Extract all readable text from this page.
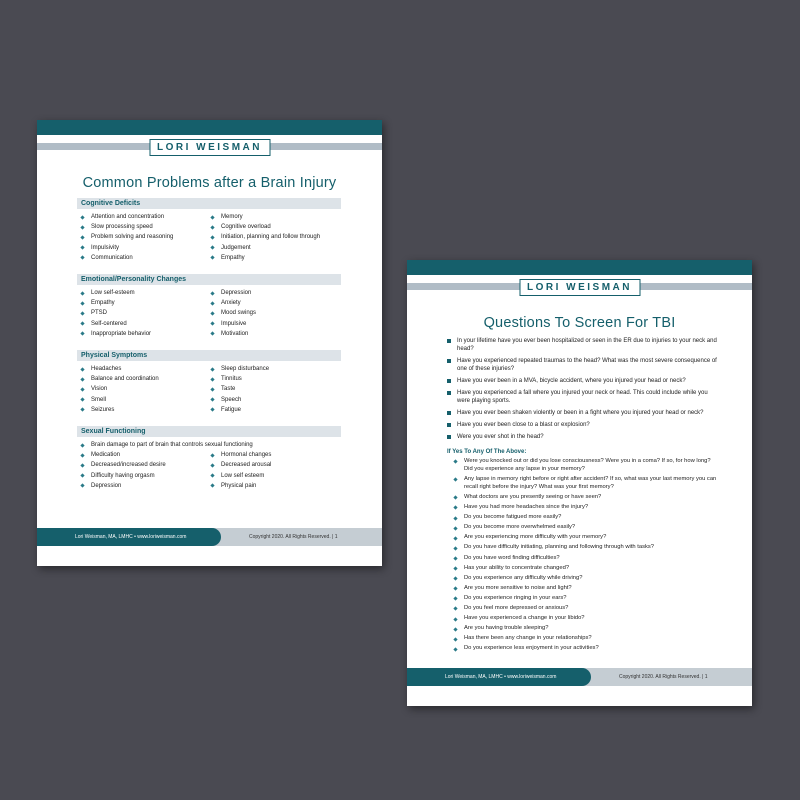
LORI WEISMAN
Common Problems after a Brain Injury
Cognitive Deficits
Attention and concentration
Slow processing speed
Problem solving and reasoning
Impulsivity
Communication
Memory
Cognitive overload
Initiation, planning and follow through
Judgement
Empathy
Emotional/Personality Changes
Low self-esteem
Empathy
PTSD
Self-centered
Inappropriate behavior
Depression
Anxiety
Mood swings
Impulsive
Motivation
Physical Symptoms
Headaches
Balance and coordination
Vision
Smell
Seizures
Sleep disturbance
Tinnitus
Taste
Speech
Fatigue
Sexual Functioning
Brain damage to part of brain that controls sexual functioning
Medication
Decreased/increased desire
Difficulty having orgasm
Depression
Hormonal changes
Decreased arousal
Low self esteem
Physical pain
Lori Weisman, MA, LMHC • www.loriweisman.com	Copyright 2020. All Rights Reserved. | 1
LORI WEISMAN
Questions To Screen For TBI
In your lifetime have you ever been hospitalized or seen in the ER due to injuries to your neck and head?
Have you experienced repeated traumas to the head? What was the most severe consequence of one of these injuries?
Have you ever been in a MVA, bicycle accident, where you injured your head or neck?
Have you experienced a fall where you injured your neck or head. This could include while you were playing sports.
Have you ever been shaken violently or been in a fight where you injured your head or neck?
Have you ever been close to a blast or explosion?
Were you ever shot in the head?
If Yes To Any Of The Above:
Were you knocked out or did you lose consciousness? Were you in a coma? If so, for how long? Did you experience any lapse in your memory?
Any lapse in memory right before or right after accident? If so, what was your last memory you can recall right before the injury? What was your first memory?
What doctors are you presently seeing or have seen?
Have you had more headaches since the injury?
Do you become fatigued more easily?
Do you become more overwhelmed easily?
Are you experiencing more difficulty with your memory?
Do you have difficulty initiating, planning and following through with tasks?
Do you have word finding difficulties?
Has your ability to concentrate changed?
Do you experience any difficulty while driving?
Are you more sensitive to noise and light?
Do you experience ringing in your ears?
Do you feel more depressed or anxious?
Have you experienced a change in your libido?
Are you having trouble sleeping?
Has there been any change in your relationships?
Do you experience less enjoyment in your activities?
Lori Weisman, MA, LMHC • www.loriweisman.com	Copyright 2020. All Rights Reserved. | 1
